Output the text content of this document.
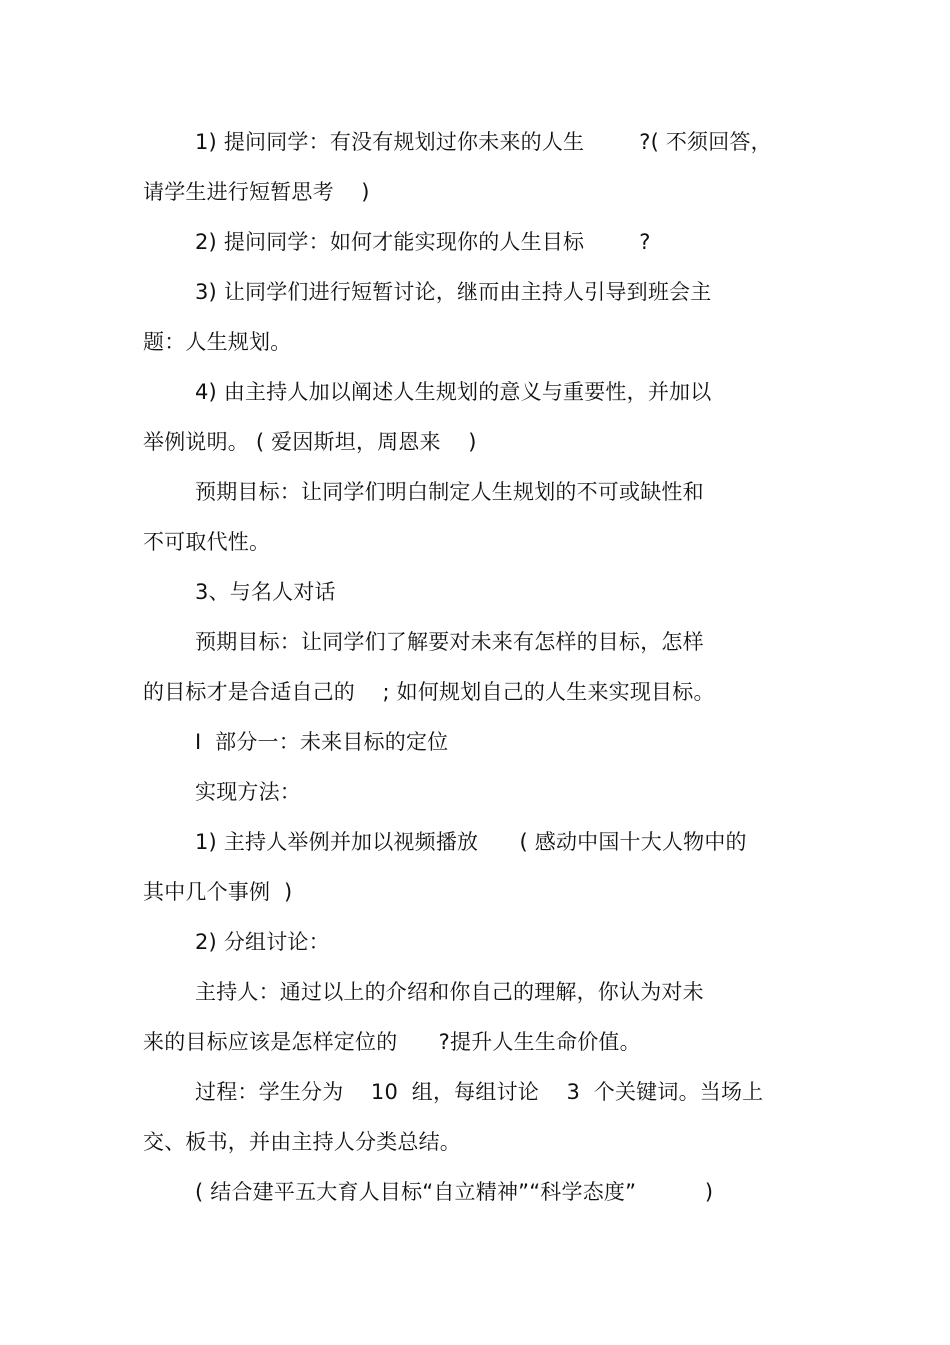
1) 提问同学：有没有规划过你未来的人生        ?( 不须回答，
请学生进行短暂思考    )
2) 提问同学：如何才能实现你的人生目标        ?
3) 让同学们进行短暂讨论，继而由主持人引导到班会主
题：人生规划。
4) 由主持人加以阐述人生规划的意义与重要性，并加以
举例说明。 ( 爱因斯坦，周恩来    )
预期目标：让同学们明白制定人生规划的不可或缺性和
不可取代性。
3、与名人对话
预期目标：让同学们了解要对未来有怎样的目标，怎样
的目标才是合适自己的    ; 如何规划自己的人生来实现目标。
I  部分一：未来目标的定位
实现方法：
1) 主持人举例并加以视频播放      ( 感动中国十大人物中的
其中几个事例  )
2) 分组讨论：
主持人：通过以上的介绍和你自己的理解，你认为对未
来的目标应该是怎样定位的      ?提升人生生命价值。
过程：学生分为    10  组，每组讨论    3  个关键词。当场上
交、板书，并由主持人分类总结。
( 结合建平五大育人目标“自立精神”“科学态度”          )
